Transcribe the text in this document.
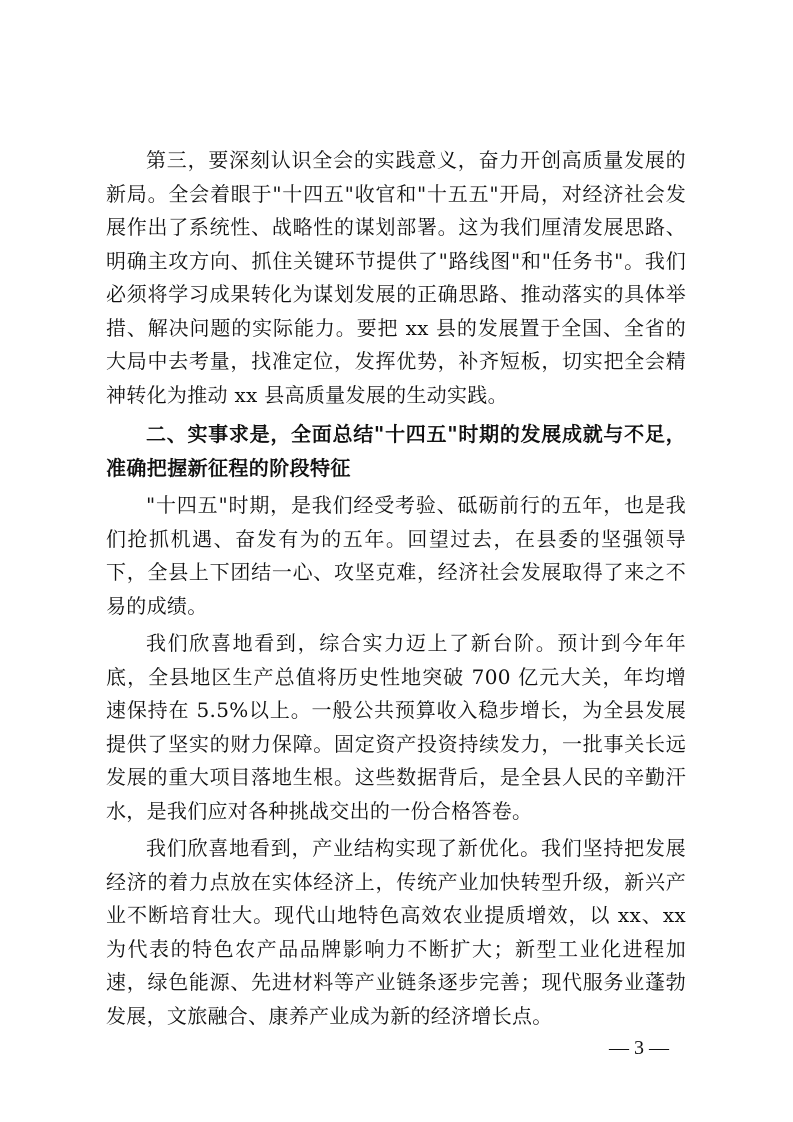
第三，要深刻认识全会的实践意义，奋力开创高质量发展的新局。全会着眼于"十四五"收官和"十五五"开局，对经济社会发展作出了系统性、战略性的谋划部署。这为我们厘清发展思路、明确主攻方向、抓住关键环节提供了"路线图"和"任务书"。我们必须将学习成果转化为谋划发展的正确思路、推动落实的具体举措、解决问题的实际能力。要把 xx 县的发展置于全国、全省的大局中去考量，找准定位，发挥优势，补齐短板，切实把全会精神转化为推动 xx 县高质量发展的生动实践。

二、实事求是，全面总结"十四五"时期的发展成就与不足，准确把握新征程的阶段特征

"十四五"时期，是我们经受考验、砥砺前行的五年，也是我们抢抓机遇、奋发有为的五年。回望过去，在县委的坚强领导下，全县上下团结一心、攻坚克难，经济社会发展取得了来之不易的成绩。

我们欣喜地看到，综合实力迈上了新台阶。预计到今年年底，全县地区生产总值将历史性地突破 700 亿元大关，年均增速保持在 5.5%以上。一般公共预算收入稳步增长，为全县发展提供了坚实的财力保障。固定资产投资持续发力，一批事关长远发展的重大项目落地生根。这些数据背后，是全县人民的辛勤汗水，是我们应对各种挑战交出的一份合格答卷。

我们欣喜地看到，产业结构实现了新优化。我们坚持把发展经济的着力点放在实体经济上，传统产业加快转型升级，新兴产业不断培育壮大。现代山地特色高效农业提质增效，以 xx、xx 为代表的特色农产品品牌影响力不断扩大；新型工业化进程加速，绿色能源、先进材料等产业链条逐步完善；现代服务业蓬勃发展，文旅融合、康养产业成为新的经济增长点。

— 3 —
